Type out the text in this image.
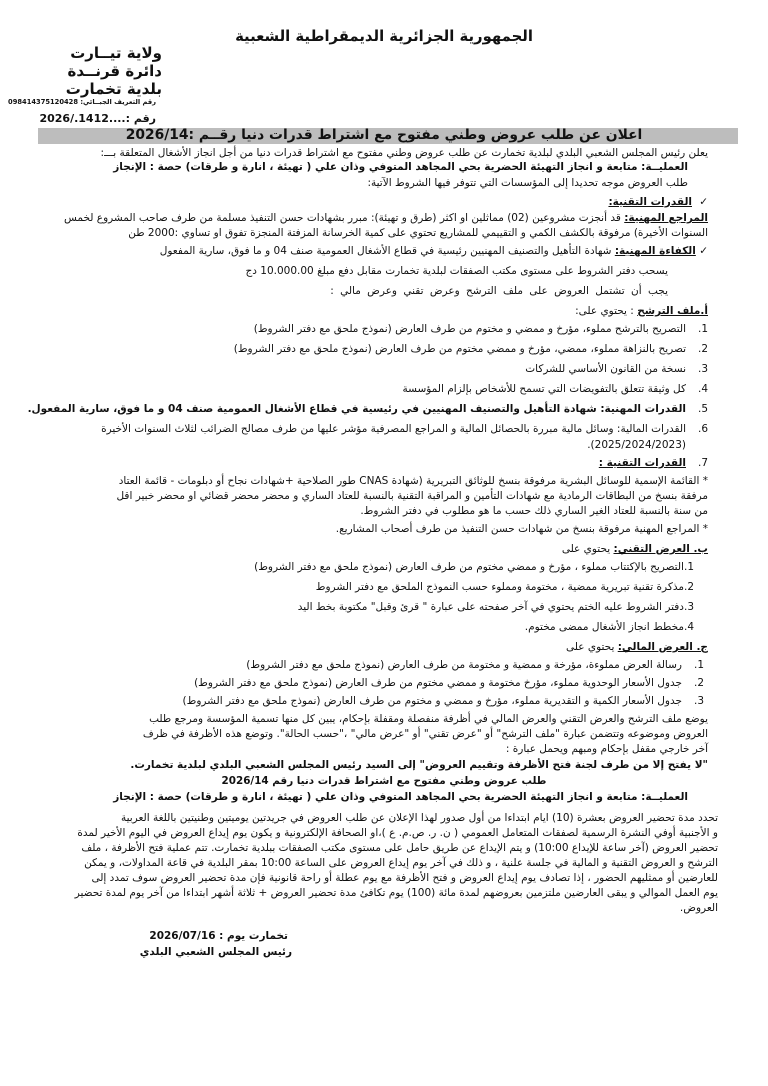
الجمهورية الجزائرية الديمقراطية الشعبية
ولاية تيــارت
دائرة قرنــدة
بلدية تخمارت
رقم التعريف الجبــائي: 098414375120428
رقم :....1412./2026
اعلان عن طلب عروض وطني مفتوح مع اشتراط قدرات دنيا رقــم :2026/14
يعلن رئيس المجلس الشعبي البلدي لبلدية تخمارت عن طلب عروض وطني مفتوح مع اشتراط قدرات دنيا من أجل انجاز الأشغال المتعلقة بـــ:
العمليــة: متابعة و انجاز التهيئة الحضرية بحي المجاهد المتوفي وذان علي ( تهيئة ، انارة و طرقات) حصة : الإنجاز
طلب العروض موجه تحديدا إلى المؤسسات التي تتوفر فيها الشروط الآتية:
✓
القدرات التقنية:
المراجع المهنية: قد أنجزت مشروعين (02) مماثلين او اكثر (طرق و تهيئة): مبرر بشهادات حسن التنفيذ مسلمة من طرف صاحب المشروع لخمس
السنوات الأخيرة) مرفوقة بالكشف الكمي و التقييمي للمشاريع تحتوي على كمية الخرسانة المزفتة المنجزة تفوق او تساوي :2000 طن
✓ الكفاءة المهنية: شهادة التأهيل والتصنيف المهنيين رئيسية في قطاع الأشغال العمومية صنف 04 و ما فوق، سارية المفعول
يسحب دفتر الشروط على مستوى مكتب الصفقات لبلدية تخمارت مقابل دفع مبلغ 10.000.00 دج
يجب أن تشتمل العروض على ملف الترشح وعرض تقني وعرض مالي :
أ.ملف الترشح : يحتوي على:
1.
التصريح بالترشح مملوء، مؤرخ و ممضي و مختوم من طرف العارض (نموذج ملحق مع دفتر الشروط)
2.
تصريح بالنزاهة مملوء، ممضي، مؤرخ و ممضي مختوم من طرف العارض (نموذج ملحق مع دفتر الشروط)
3.
نسخة من القانون الأساسي للشركات
4.
كل وثيقة تتعلق بالتفويضات التي تسمح للأشخاص بإلزام المؤسسة
5.
القدرات المهنية: شهادة التأهيل والتصنيف المهنيين في رئيسية في قطاع الأشغال العمومية صنف 04 و ما فوق، سارية المفعول.
6.
القدرات المالية: وسائل مالية مبررة بالحصائل المالية و المراجع المصرفية مؤشر عليها من طرف مصالح الضرائب لثلاث السنوات الأخيرة
(2025/2024/2023).
7.
القدرات التقنية :
* القائمة الإسمية للوسائل البشرية مرفوقة بنسخ للوثائق التبريرية (شهادة CNAS طور الصلاحية +شهادات نجاح أو دبلومات - قائمة العتاد
مرفقة بنسخ من البطاقات الرمادية مع شهادات التأمين و المراقبة التقنية بالنسبة للعتاد الساري و محضر محضر قضائي او محضر خبير اقل
من سنة بالنسبة للعتاد الغير الساري ذلك حسب ما هو مطلوب في دفتر الشروط.
* المراجع المهنية مرفوقة بنسخ من شهادات حسن التنفيذ من طرف أصحاب المشاريع.
ب. العرض التقني: يحتوي على
1.التصريح بالإكتتاب مملوء ، مؤرخ و ممضي مختوم من طرف العارض (نموذج ملحق مع دفتر الشروط)
2.مذكرة تقنية تبريرية ممضية ، مختومة ومملوء حسب النموذج الملحق مع دفتر الشروط
3.دفتر الشروط عليه الختم يحتوي في آخر صفحته على عبارة " قرئ وقبل" مكتوبة بخط اليد
4.مخطط انجاز الأشغال ممضى مختوم.
ج. العرض المالي: يحتوي على
1.
رسالة العرض مملوءة، مؤرخة و ممضية و مختومة من طرف العارض (نموذج ملحق مع دفتر الشروط)
2.
جدول الأسعار الوحدوية مملوء، مؤرخ مختومة و ممضي مختوم من طرف العارض (نموذج ملحق مع دفتر الشروط)
3.
جدول الأسعار الكمية و التقديرية مملوء، مؤرخ و ممضي و مختوم من طرف العارض (نموذج ملحق مع دفتر الشروط)
يوضع ملف الترشح والعرض التقني والعرض المالي في أظرفة منفصلة ومقفلة بإحكام، يبين كل منها تسمية المؤسسة ومرجع طلب
العروض وموضوعه وتتضمن عبارة "ملف الترشح" أو "عرض تقني" أو "عرض مالي" ،"حسب الحالة". وتوضع هذه الأظرفة في ظرف
آخر خارجي مقفل بإحكام ومبهم ويحمل عبارة :
"لا يفتح إلا من طرف لجنة فتح الأظرفة وتقييم العروض" إلى السيد رئيس المجلس الشعبي البلدي لبلدية تخمارت.
طلب عروض وطني مفتوح مع اشتراط قدرات دنيا رقم 2026/14
العمليــة: متابعة و انجاز التهيئة الحضرية بحي المجاهد المتوفي وذان علي ( تهيئة ، انارة و طرقات) حصة : الإنجاز
تحدد مدة تحضير العروض بعشرة (10) ايام ابتداءا من أول صدور لهذا الإعلان عن طلب العروض في جريدتين يوميتين وطنيتين باللغة العربية
و الأجنبية أوفي النشرة الرسمية لصفقات المتعامل العمومي ( ن. ر. ص.م. ع )،او الصحافة الإلكترونية و يكون يوم إيداع العروض في اليوم الأخير لمدة
تحضير العروض (آخر ساعة للإيداع 10:00) و يتم الإيداع عن طريق حامل على مستوى مكتب الصفقات ببلدية تخمارت. تتم عملية فتح الأظرفة ، ملف
الترشح و العروض التقنية و المالية في جلسة علنية ، و ذلك في آخر يوم إيداع العروض على الساعة 10:00 بمقر البلدية في قاعة المداولات، و يمكن
للعارضين أو ممثليهم الحضور ، إذا تصادف يوم إيداع العروض و فتح الأظرفة مع يوم عطلة أو راحة قانونية فإن مدة تحضير العروض سوف تمدد إلى
يوم العمل الموالي و يبقى العارضين ملتزمين بعروضهم لمدة مائة (100) يوم تكافئ مدة تحضير العروض + ثلاثة أشهر ابتداءا من آخر يوم لمدة تحضير
العروض.
تخمارت يوم : 2026/07/16
رئيس المجلس الشعبي البلدي
